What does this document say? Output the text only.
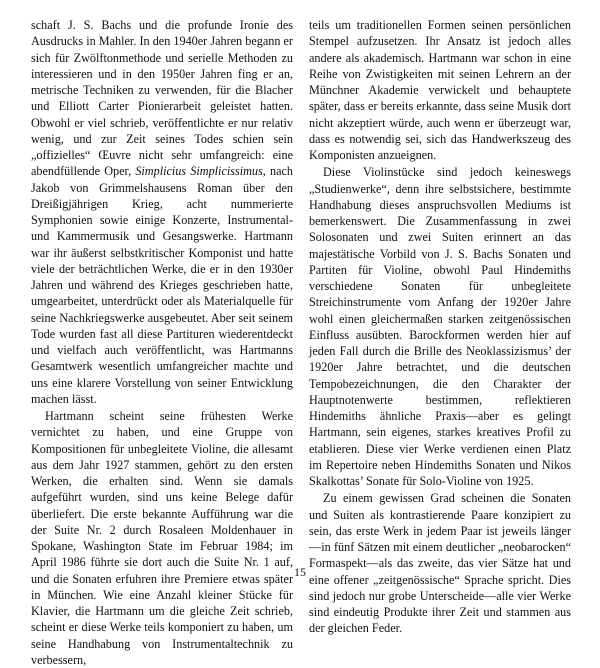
schaft J. S. Bachs und die profunde Ironie des Ausdrucks in Mahler. In den 1940er Jahren begann er sich für Zwölftonmethode und serielle Methoden zu interessieren und in den 1950er Jahren fing er an, metrische Techniken zu verwenden, für die Blacher und Elliott Carter Pionierarbeit geleistet hatten. Obwohl er viel schrieb, veröffentlichte er nur relativ wenig, und zur Zeit seines Todes schien sein „offizielles“ Œuvre nicht sehr umfangreich: eine abendfüllende Oper, Simplicius Simplicissimus, nach Jakob von Grimmelshausens Roman über den Dreißigjährigen Krieg, acht nummerierte Symphonien sowie einige Konzerte, Instrumental- und Kammermusik und Gesangswerke. Hartmann war ihr äußerst selbstkritischer Komponist und hatte viele der beträchtlichen Werke, die er in den 1930er Jahren und während des Krieges geschrieben hatte, umgearbeitet, unterdrückt oder als Materialquelle für seine Nachkriegswerke ausgebeutet. Aber seit seinem Tode wurden fast all diese Partituren wiederentdeckt und vielfach auch veröffentlicht, was Hartmanns Gesamtwerk wesentlich umfangreicher machte und uns eine klarere Vorstellung von seiner Entwicklung machen lässt.

Hartmann scheint seine frühesten Werke vernichtet zu haben, und eine Gruppe von Kompositionen für unbegleitete Violine, die allesamt aus dem Jahr 1927 stammen, gehört zu den ersten Werken, die erhalten sind. Wenn sie damals aufgeführt wurden, sind uns keine Belege dafür überliefert. Die erste bekannte Aufführung war die der Suite Nr. 2 durch Rosaleen Moldenhauer in Spokane, Washington State im Februar 1984; im April 1986 führte sie dort auch die Suite Nr. 1 auf, und die Sonaten erfuhren ihre Premiere etwas später in München. Wie eine Anzahl kleiner Stücke für Klavier, die Hartmann um die gleiche Zeit schrieb, scheint er diese Werke teils komponiert zu haben, um seine Handhabung von Instrumentaltechnik zu verbessern,

teils um traditionellen Formen seinen persönlichen Stempel aufzusetzen. Ihr Ansatz ist jedoch alles andere als akademisch. Hartmann war schon in eine Reihe von Zwistigkeiten mit seinen Lehrern an der Münchner Akademie verwickelt und behauptete später, dass er bereits erkannte, dass seine Musik dort nicht akzeptiert würde, auch wenn er überzeugt war, dass es notwendig sei, sich das Handwerkszeug des Komponisten anzueignen.

Diese Violinstücke sind jedoch keineswegs „Studienwerke“, denn ihre selbstsichere, bestimmte Handhabung dieses anspruchsvollen Mediums ist bemerkenswert. Die Zusammenfassung in zwei Solosonaten und zwei Suiten erinnert an das majestätische Vorbild von J. S. Bachs Sonaten und Partiten für Violine, obwohl Paul Hindemiths verschiedene Sonaten für unbegleitete Streichinstrumente vom Anfang der 1920er Jahre wohl einen gleichermaßen starken zeitgenössischen Einfluss ausübten. Barockformen werden hier auf jeden Fall durch die Brille des Neoklassizismus’ der 1920er Jahre betrachtet, und die deutschen Tempobezeichnungen, die den Charakter der Hauptnotenwerte bestimmen, reflektieren Hindemiths ähnliche Praxis—aber es gelingt Hartmann, sein eigenes, starkes kreatives Profil zu etablieren. Diese vier Werke verdienen einen Platz im Repertoire neben Hindemiths Sonaten und Nikos Skalkottas’ Sonate für Solo-Violine von 1925.

Zu einem gewissen Grad scheinen die Sonaten und Suiten als kontrastierende Paare konzipiert zu sein, das erste Werk in jedem Paar ist jeweils länger—in fünf Sätzen mit einem deutlicher „neobarocken“ Formaspekt—als das zweite, das vier Sätze hat und eine offener „zeitgenössische“ Sprache spricht. Dies sind jedoch nur grobe Unterscheide—alle vier Werke sind eindeutig Produkte ihrer Zeit und stammen aus der gleichen Feder.

15
